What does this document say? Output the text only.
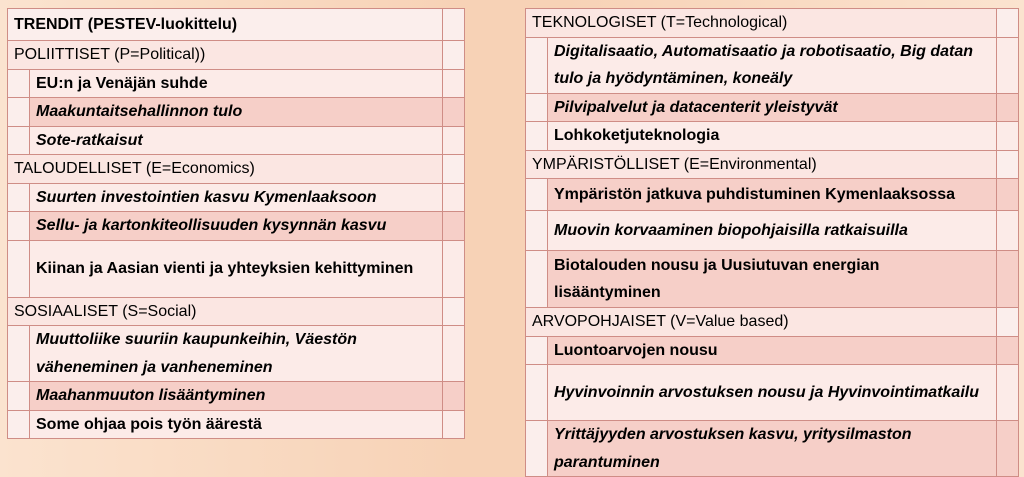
TRENDIT (PESTEV-luokittelu)		
POLIITTISET (P=Political))		
	EU:n ja Venäjän suhde	
	Maakuntaitsehallinnon tulo	
	Sote-ratkaisut	
TALOUDELLISET (E=Economics)		
	Suurten investointien kasvu Kymenlaaksoon	
	Sellu- ja kartonkiteollisuuden kysynnän kasvu	
	Kiinan ja Aasian vienti ja yhteyksien kehittyminen	
SOSIAALISET (S=Social)		
	Muuttoliike suuriin kaupunkeihin, Väestön väheneminen ja vanheneminen	
	Maahanmuuton lisääntyminen	
	Some ohjaa pois työn äärestä	
TEKNOLOGISET (T=Technological)		
	Digitalisaatio, Automatisaatio ja robotisaatio, Big datan tulo ja hyödyntäminen, koneäly	
	Pilvipalvelut ja datacenterit yleistyvät	
	Lohkoketjuteknologia	
YMPÄRISTÖLLISET (E=Environmental)		
	Ympäristön jatkuva puhdistuminen Kymenlaaksossa	
	Muovin korvaaminen biopohjaisilla ratkaisuilla	
	Biotalouden nousu ja Uusiutuvan energian lisääntyminen	
ARVOPOHJAISET (V=Value based)		
	Luontoarvojen nousu	
	Hyvinvoinnin arvostuksen nousu ja Hyvinvointimatkailu	
	Yrittäjyyden arvostuksen kasvu, yritysilmaston parantuminen	
